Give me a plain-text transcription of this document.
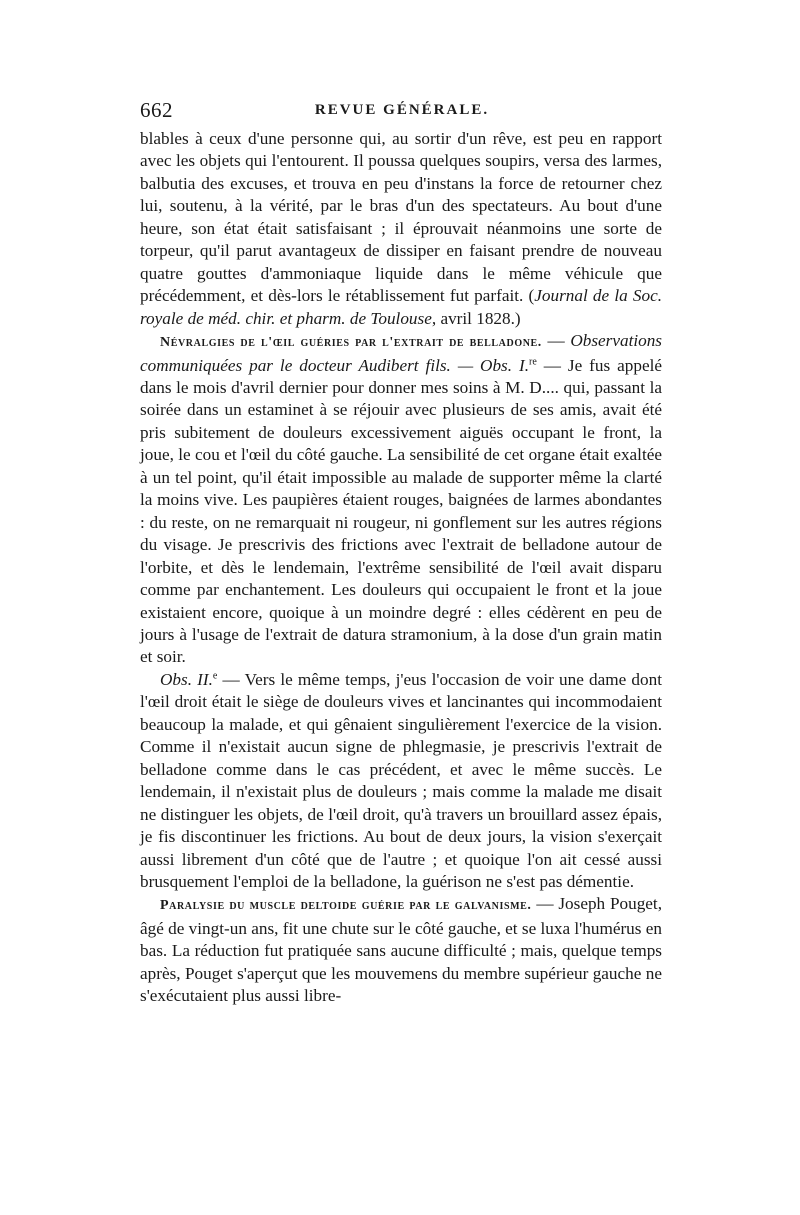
662	REVUE GÉNÉRALE.

blables à ceux d'une personne qui, au sortir d'un rêve, est peu en rapport avec les objets qui l'entourent. Il poussa quelques soupirs, versa des larmes, balbutia des excuses, et trouva en peu d'instans la force de retourner chez lui, soutenu, à la vérité, par le bras d'un des spectateurs. Au bout d'une heure, son état était satisfaisant ; il éprouvait néanmoins une sorte de torpeur, qu'il parut avantageux de dissiper en faisant prendre de nouveau quatre gouttes d'ammoniaque liquide dans le même véhicule que précédemment, et dès-lors le rétablissement fut parfait. (Journal de la Soc. royale de méd. chir. et pharm. de Toulouse, avril 1828.)

Névralgies de l'œil guéries par l'extrait de belladone. — Observations communiquées par le docteur Audibert fils. — Obs. I.$^{re}$ — Je fus appelé dans le mois d'avril dernier pour donner mes soins à M. D.... qui, passant la soirée dans un estaminet à se réjouir avec plusieurs de ses amis, avait été pris subitement de douleurs excessivement aiguës occupant le front, la joue, le cou et l'œil du côté gauche. La sensibilité de cet organe était exaltée à un tel point, qu'il était impossible au malade de supporter même la clarté la moins vive. Les paupières étaient rouges, baignées de larmes abondantes : du reste, on ne remarquait ni rougeur, ni gonflement sur les autres régions du visage. Je prescrivis des frictions avec l'extrait de belladone autour de l'orbite, et dès le lendemain, l'extrême sensibilité de l'œil avait disparu comme par enchantement. Les douleurs qui occupaient le front et la joue existaient encore, quoique à un moindre degré : elles cédèrent en peu de jours à l'usage de l'extrait de datura stramonium, à la dose d'un grain matin et soir.

Obs. II.$^e$ — Vers le même temps, j'eus l'occasion de voir une dame dont l'œil droit était le siège de douleurs vives et lancinantes qui incommodaient beaucoup la malade, et qui gênaient singulièrement l'exercice de la vision. Comme il n'existait aucun signe de phlegmasie, je prescrivis l'extrait de belladone comme dans le cas précédent, et avec le même succès. Le lendemain, il n'existait plus de douleurs ; mais comme la malade me disait ne distinguer les objets, de l'œil droit, qu'à travers un brouillard assez épais, je fis discontinuer les frictions. Au bout de deux jours, la vision s'exerçait aussi librement d'un côté que de l'autre ; et quoique l'on ait cessé aussi brusquement l'emploi de la belladone, la guérison ne s'est pas démentie.

Paralysie du muscle deltoide guérie par le galvanisme. — Joseph Pouget, âgé de vingt-un ans, fit une chute sur le côté gauche, et se luxa l'humérus en bas. La réduction fut pratiquée sans aucune difficulté ; mais, quelque temps après, Pouget s'aperçut que les mouvemens du membre supérieur gauche ne s'exécutaient plus aussi libre-
